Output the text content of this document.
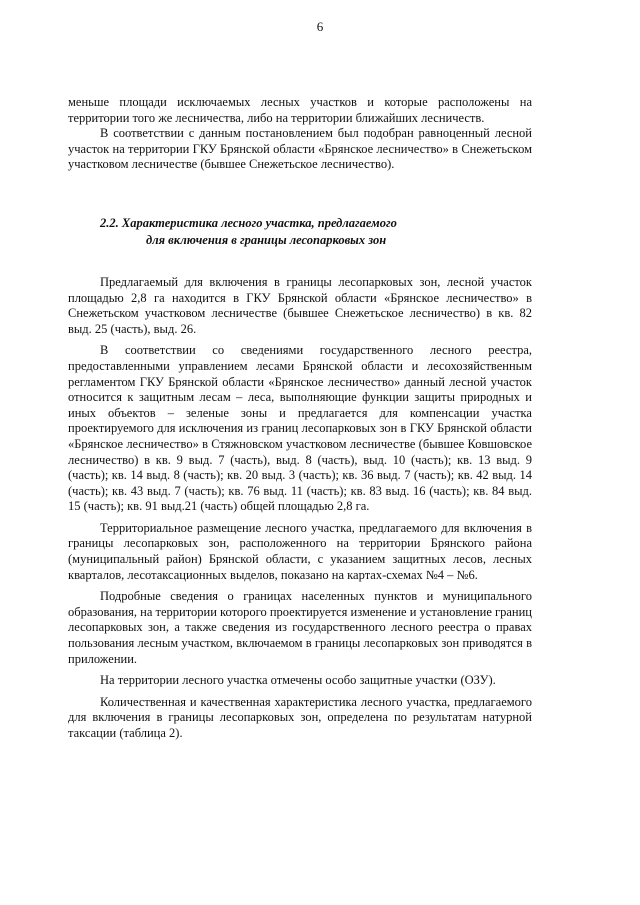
6

меньше площади исключаемых лесных участков и которые расположены на территории того же лесничества, либо на территории ближайших лесничеств.

В соответствии с данным постановлением был подобран равноценный лесной участок на территории ГКУ Брянской области «Брянское лесничество» в Снежетьском участковом лесничестве (бывшее Снежетьское лесничество).

2.2. Характеристика лесного участка, предлагаемого
для включения в границы лесопарковых зон

Предлагаемый для включения в границы лесопарковых зон, лесной участок площадью 2,8 га находится в ГКУ Брянской области «Брянское лесничество» в Снежетьском участковом лесничестве (бывшее Снежетьское лесничество) в кв. 82 выд. 25 (часть), выд. 26.

В соответствии со сведениями государственного лесного реестра, предоставленными управлением лесами Брянской области и лесохозяйственным регламентом ГКУ Брянской области «Брянское лесничество» данный лесной участок относится к защитным лесам – леса, выполняющие функции защиты природных и иных объектов – зеленые зоны и предлагается для компенсации участка проектируемого для исключения из границ лесопарковых зон в ГКУ Брянской области «Брянское лесничество» в Стяжновском участковом лесничестве (бывшее Ковшовское лесничество) в кв. 9 выд. 7 (часть), выд. 8 (часть), выд. 10 (часть); кв. 13 выд. 9 (часть); кв. 14 выд. 8 (часть); кв. 20 выд. 3 (часть); кв. 36 выд. 7 (часть); кв. 42 выд. 14 (часть); кв. 43 выд. 7 (часть); кв. 76 выд. 11 (часть); кв. 83 выд. 16 (часть); кв. 84 выд. 15 (часть); кв. 91 выд.21 (часть) общей площадью 2,8 га.

Территориальное размещение лесного участка, предлагаемого для включения в границы лесопарковых зон, расположенного на территории Брянского района (муниципальный район) Брянской области, с указанием защитных лесов, лесных кварталов, лесотаксационных выделов, показано на картах-схемах №4 – №6.

Подробные сведения о границах населенных пунктов и муниципального образования, на территории которого проектируется изменение и установление границ лесопарковых зон, а также сведения из государственного лесного реестра о правах пользования лесным участком, включаемом в границы лесопарковых зон приводятся в приложении.

На территории лесного участка отмечены особо защитные участки (ОЗУ).

Количественная и качественная характеристика лесного участка, предлагаемого для включения в границы лесопарковых зон, определена по результатам натурной таксации (таблица 2).
